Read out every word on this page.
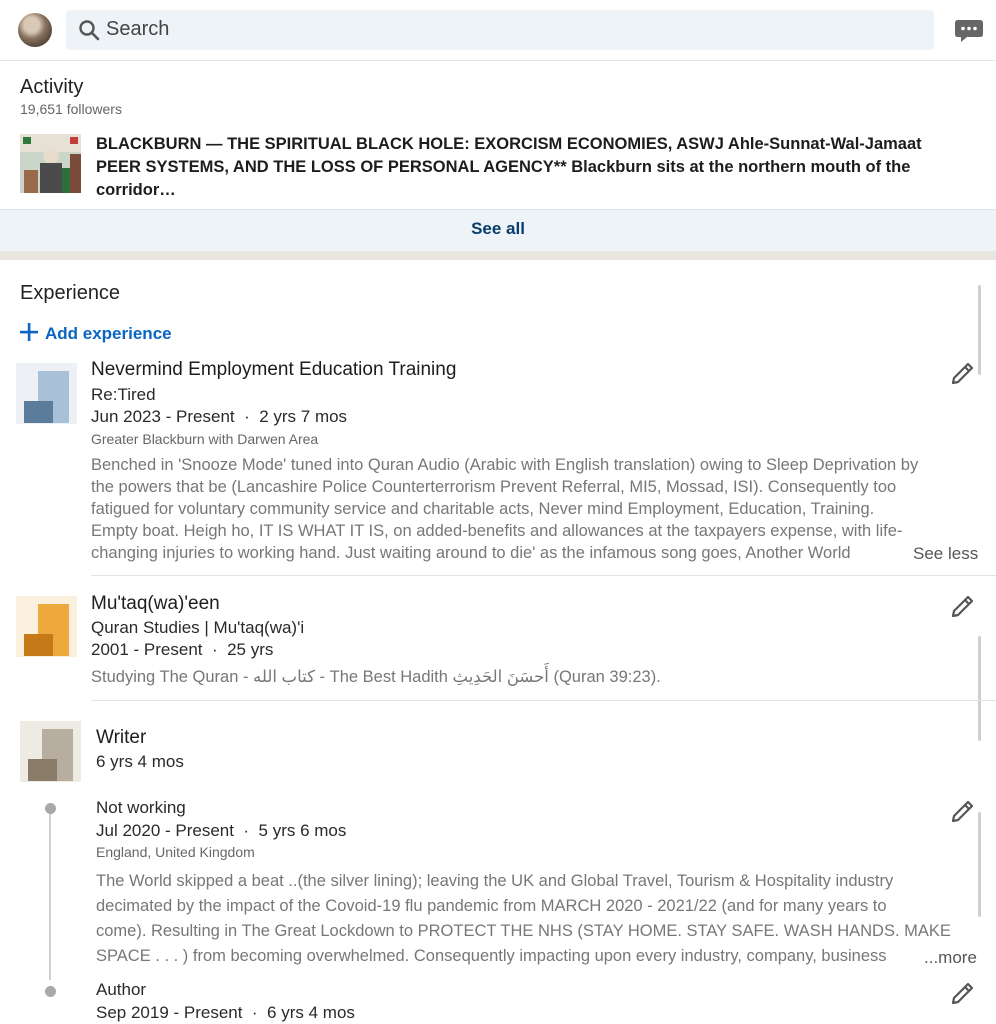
Search
Activity
19,651 followers
BLACKBURN — THE SPIRITUAL BLACK HOLE: EXORCISM ECONOMIES, ASWJ Ahle-Sunnat-Wal-Jamaat PEER SYSTEMS, AND THE LOSS OF PERSONAL AGENCY** Blackburn sits at the northern mouth of the corridor…
See all
Experience
Add experience
Nevermind Employment Education Training
Re:Tired
Jun 2023 - Present  ·  2 yrs 7 mos
Greater Blackburn with Darwen Area
Benched in 'Snooze Mode' tuned into Quran Audio (Arabic with English translation) owing to Sleep Deprivation by
the powers that be (Lancashire Police Counterterrorism Prevent Referral, MI5, Mossad, ISI). Consequently too
fatigued for voluntary community service and charitable acts, Never mind Employment, Education, Training.
Empty boat. Heigh ho, IT IS WHAT IT IS, on added-benefits and allowances at the taxpayers expense, with life-
changing injuries to working hand. Just waiting around to die' as the infamous song goes, Another World	See less
Mu'taq(wa)'een
Quran Studies | Mu'taq(wa)'i
2001 - Present  ·  25 yrs
Studying The Quran - كتاب الله - The Best Hadith أَحسَنَ الحَدِيثِ (Quran 39:23).
Writer
6 yrs 4 mos
Not working
Jul 2020 - Present  ·  5 yrs 6 mos
England, United Kingdom
The World skipped a beat ..(the silver lining); leaving the UK and Global Travel, Tourism & Hospitality industry
decimated by the impact of the Covoid-19 flu pandemic from MARCH 2020 - 2021/22 (and for many years to
come). Resulting in The Great Lockdown to PROTECT THE NHS (STAY HOME. STAY SAFE. WASH HANDS. MAKE
SPACE . . . ) from becoming overwhelmed. Consequently impacting upon every industry, company, business	...more
Author
Sep 2019 - Present  ·  6 yrs 4 mos
